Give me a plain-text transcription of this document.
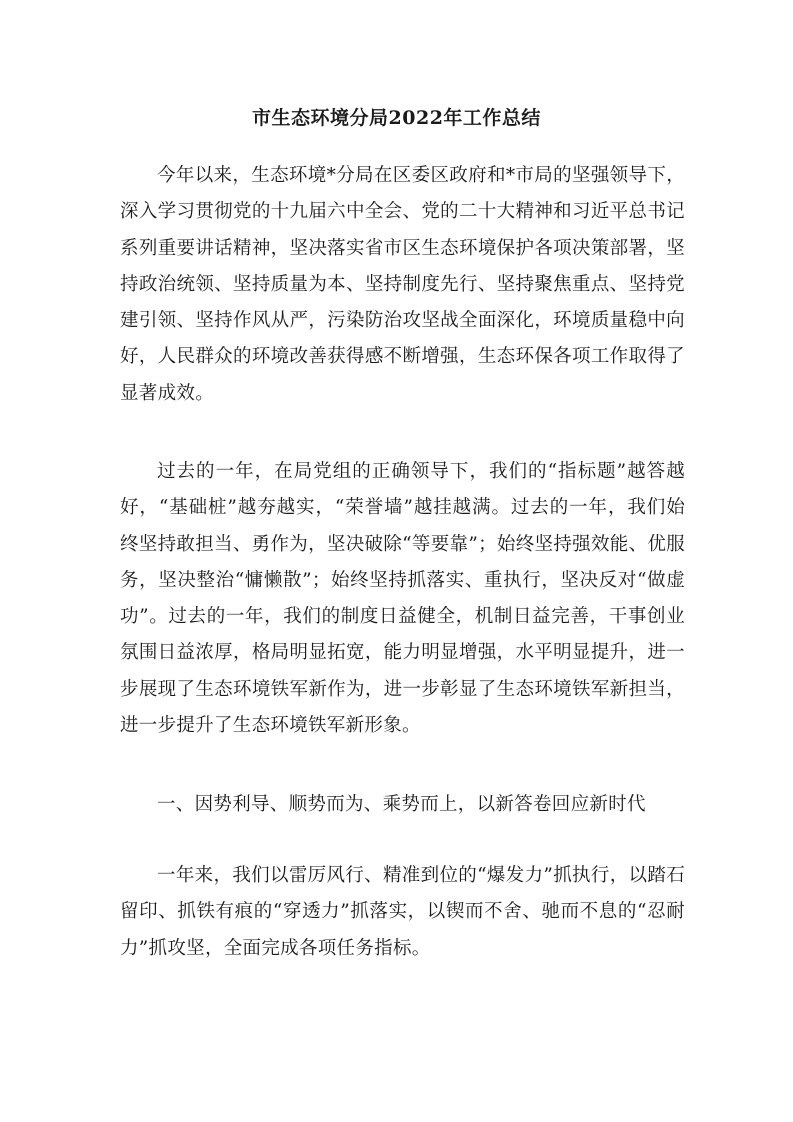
市生态环境分局2022年工作总结

今年以来，生态环境*分局在区委区政府和*市局的坚强领导下，深入学习贯彻党的十九届六中全会、党的二十大精神和习近平总书记系列重要讲话精神，坚决落实省市区生态环境保护各项决策部署，坚持政治统领、坚持质量为本、坚持制度先行、坚持聚焦重点、坚持党建引领、坚持作风从严，污染防治攻坚战全面深化，环境质量稳中向好，人民群众的环境改善获得感不断增强，生态环保各项工作取得了显著成效。

过去的一年，在局党组的正确领导下，我们的“指标题”越答越好，“基础桩”越夯越实，“荣誉墙”越挂越满。过去的一年，我们始终坚持敢担当、勇作为，坚决破除“等要靠”；始终坚持强效能、优服务，坚决整治“慵懒散”；始终坚持抓落实、重执行，坚决反对“做虚功”。过去的一年，我们的制度日益健全，机制日益完善，干事创业氛围日益浓厚，格局明显拓宽，能力明显增强，水平明显提升，进一步展现了生态环境铁军新作为，进一步彰显了生态环境铁军新担当，进一步提升了生态环境铁军新形象。

一、因势利导、顺势而为、乘势而上，以新答卷回应新时代

一年来，我们以雷厉风行、精准到位的“爆发力”抓执行，以踏石留印、抓铁有痕的“穿透力”抓落实，以锲而不舍、驰而不息的“忍耐力”抓攻坚，全面完成各项任务指标。
